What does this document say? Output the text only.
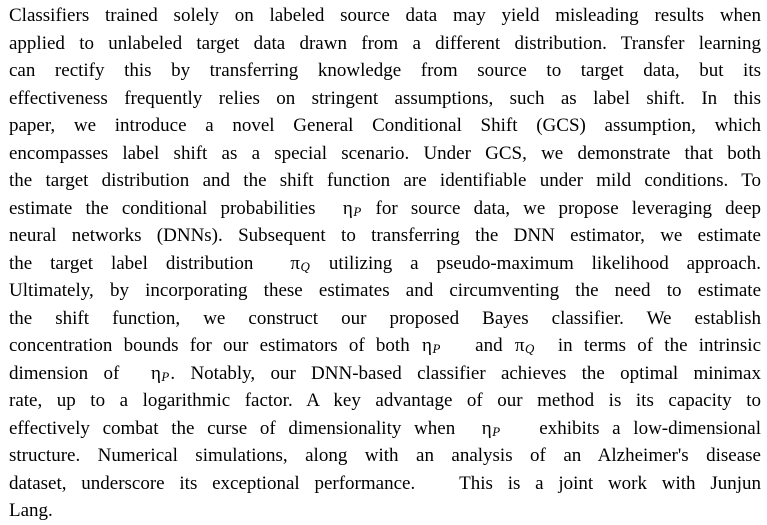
Classifiers trained solely on labeled source data may yield misleading results when
applied to unlabeled target data drawn from a different distribution. Transfer learning
can rectify this by transferring knowledge from source to target data, but its
effectiveness frequently relies on stringent assumptions, such as label shift. In this
paper, we introduce a novel General Conditional Shift (GCS) assumption, which
encompasses label shift as a special scenario. Under GCS, we demonstrate that both
the target distribution and the shift function are identifiable under mild conditions. To
estimate the conditional probabilities  ηP for source data, we propose leveraging deep
neural networks (DNNs). Subsequent to transferring the DNN estimator, we estimate
the target label distribution  πQ utilizing a pseudo-maximum likelihood approach.
Ultimately, by incorporating these estimates and circumventing the need to estimate
the shift function, we construct our proposed Bayes classifier. We establish
concentration bounds for our estimators of both ηP   and πQ  in terms of the intrinsic
dimension of  ηP. Notably, our DNN-based classifier achieves the optimal minimax
rate, up to a logarithmic factor. A key advantage of our method is its capacity to
effectively combat the curse of dimensionality when  ηP   exhibits a low-dimensional
structure. Numerical simulations, along with an analysis of an Alzheimer's disease
dataset, underscore its exceptional performance.   This is a joint work with Junjun
Lang.
